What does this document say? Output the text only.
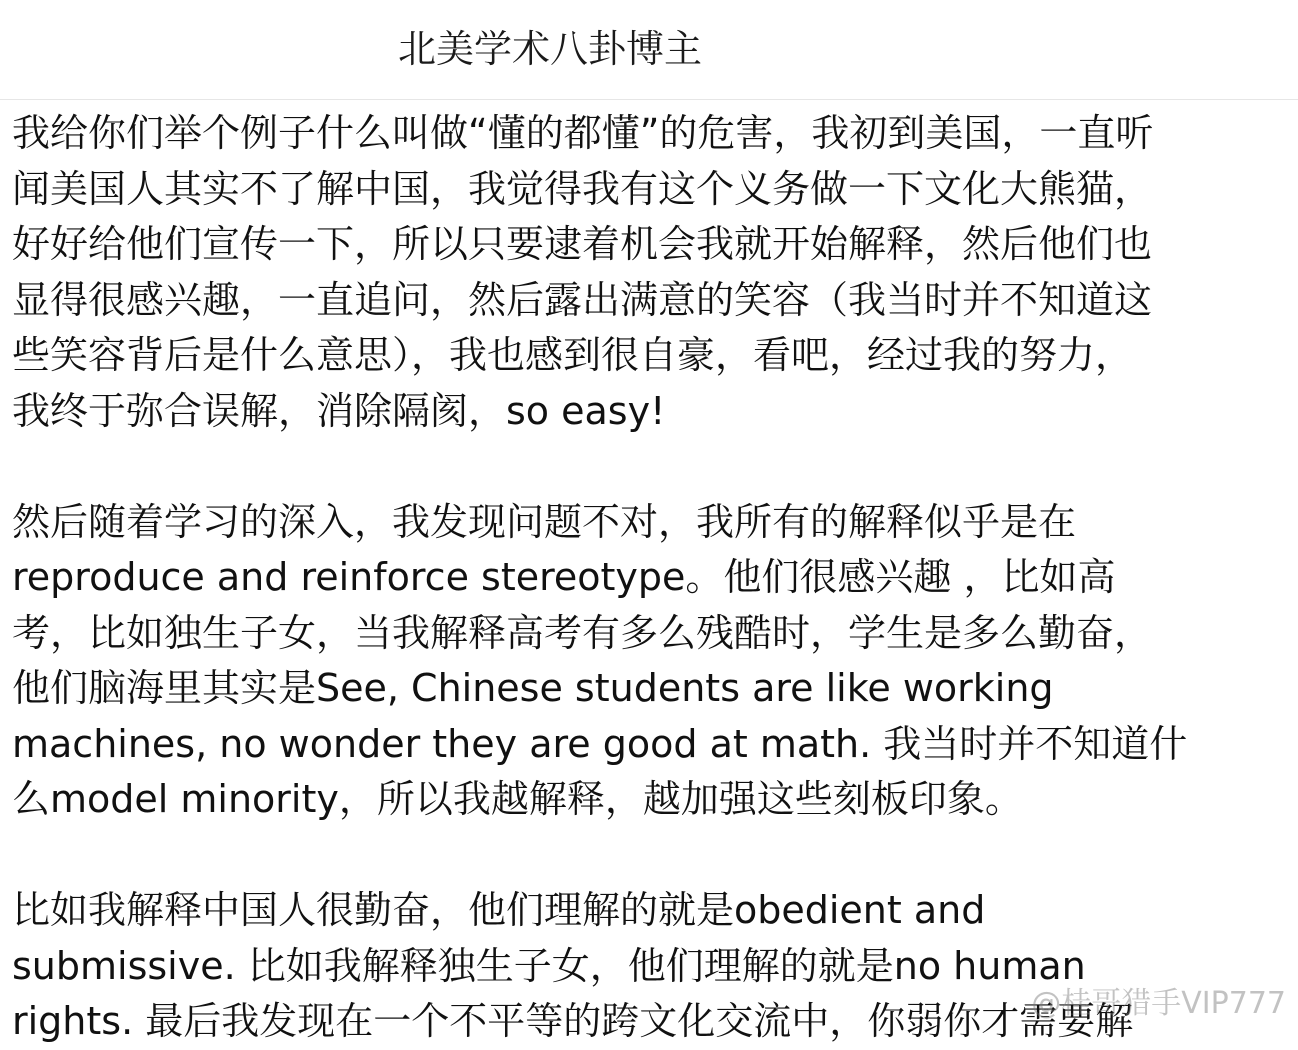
北美学术八卦博主
我给你们举个例子什么叫做“懂的都懂”的危害，我初到美国，一直听
闻美国人其实不了解中国，我觉得我有这个义务做一下文化大熊猫，
好好给他们宣传一下，所以只要逮着机会我就开始解释，然后他们也
显得很感兴趣，一直追问，然后露出满意的笑容（我当时并不知道这
些笑容背后是什么意思），我也感到很自豪，看吧，经过我的努力，
我终于弥合误解，消除隔阂，so easy!
然后随着学习的深入，我发现问题不对，我所有的解释似乎是在
reproduce and reinforce stereotype。他们很感兴趣 ，比如高
考，比如独生子女，当我解释高考有多么残酷时，学生是多么勤奋，
他们脑海里其实是See, Chinese students are like working
machines, no wonder they are good at math. 我当时并不知道什
么model minority，所以我越解释，越加强这些刻板印象。
比如我解释中国人很勤奋，他们理解的就是obedient and
submissive. 比如我解释独生子女，他们理解的就是no human
rights. 最后我发现在一个不平等的跨文化交流中，你弱你才需要解
@桂哥猎手VIP777
